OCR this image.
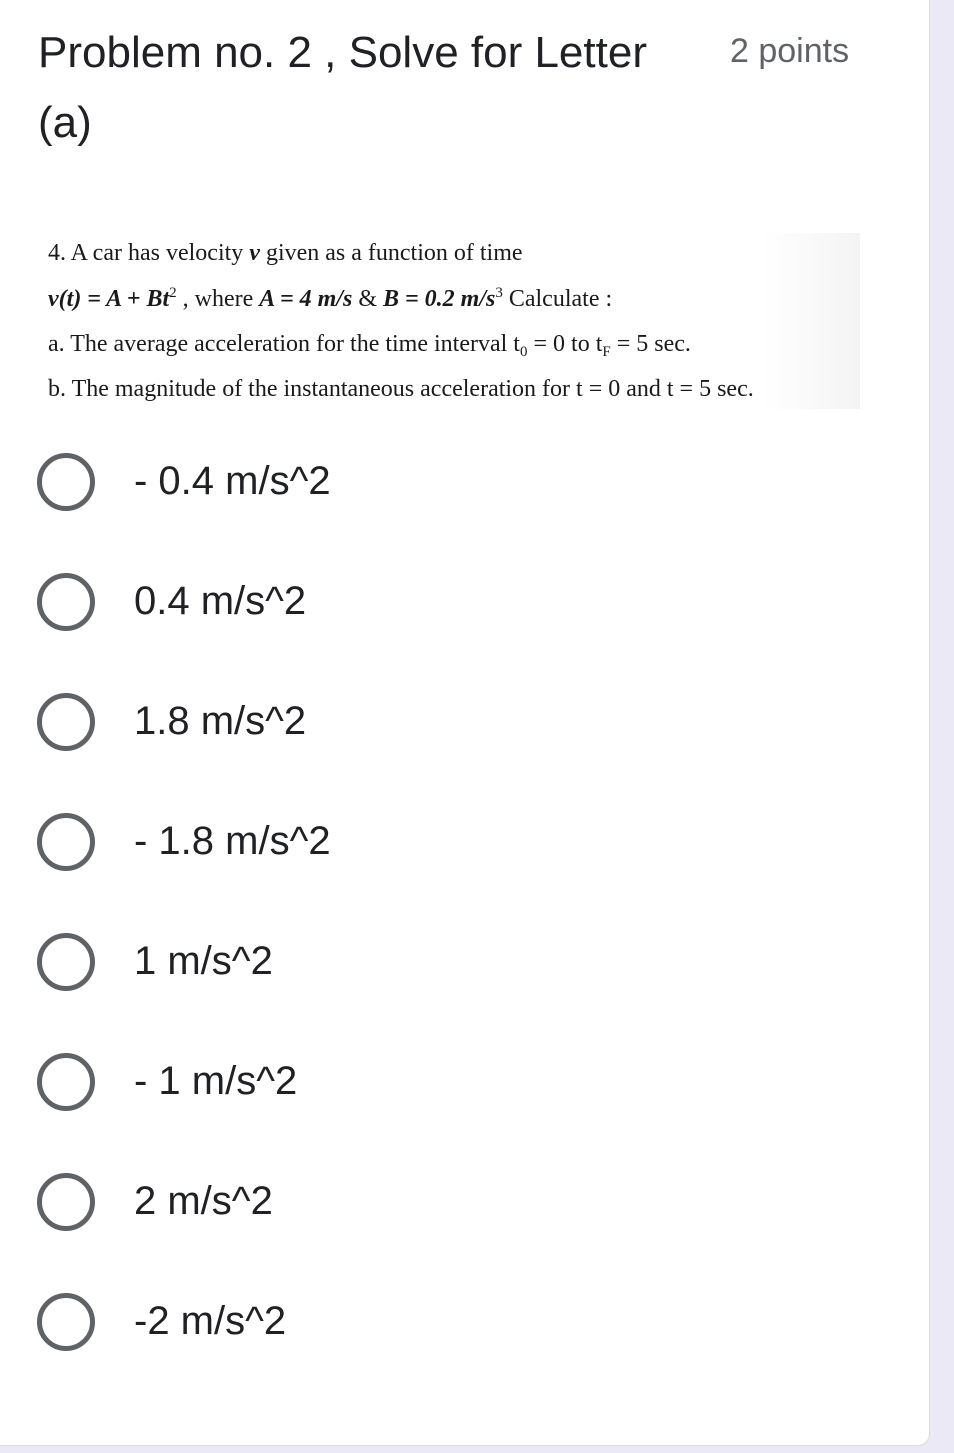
Problem no. 2 , Solve for Letter (a)
2 points
4. A car has velocity v given as a function of time
$v(t) = A + Bt^2$ , where A = 4 m/s & B = 0.2 $m/s^3$ Calculate :
a. The average acceleration for the time interval $t_0 = 0$ to $t_F = 5$ sec.
b. The magnitude of the instantaneous acceleration for t = 0 and t = 5 sec.
- 0.4 m/s^2
0.4 m/s^2
1.8 m/s^2
- 1.8 m/s^2
1 m/s^2
- 1 m/s^2
2 m/s^2
-2 m/s^2
